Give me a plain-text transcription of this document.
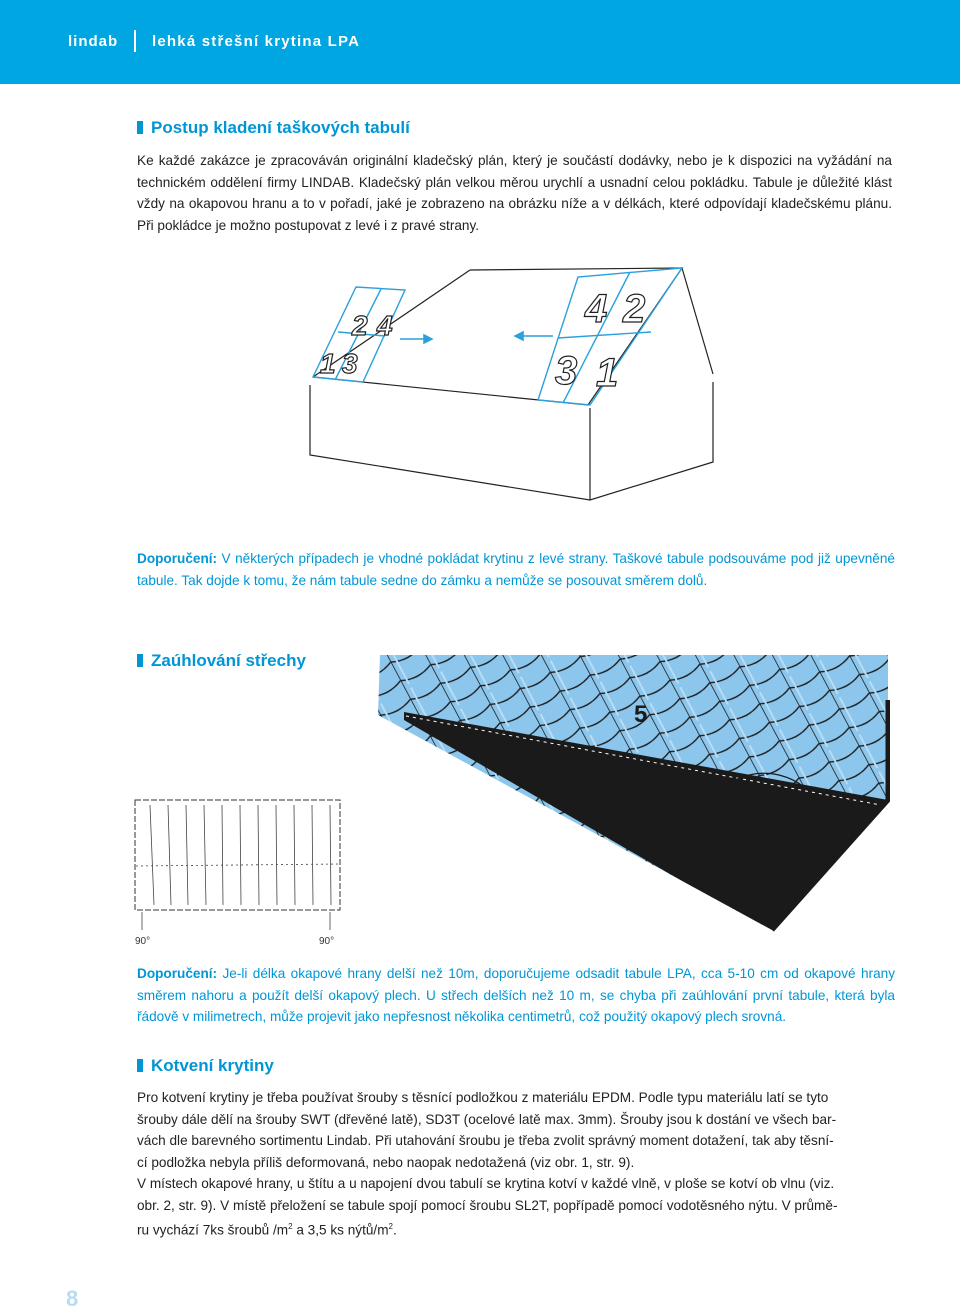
lindab lehká střešní krytina LPA
Postup kladení taškových tabulí
Ke každé zakázce je zpracováván originální kladečský plán, který je součástí dodávky, nebo je k dispozici na vyžádání na technickém oddělení firmy LINDAB. Kladečský plán velkou měrou urychlí a usnadní celou pokládku. Tabule je důležité klást vždy na okapovou hranu a to v pořadí, jaké je zobrazeno na obrázku níže a v délkách, které odpovídají kladečskému plánu. Při pokládce je možno postupovat z levé i z pravé strany.
2 4
1 3
4 2
3 1
Doporučení: V některých případech je vhodné pokládat krytinu z levé strany. Taškové tabule podsouváme pod již upevněné tabule. Tak dojde k tomu, že nám tabule sedne do zámku a nemůže se posouvat směrem dolů.
Zaúhlování střechy
90°	90°
5
4	3
90°
Doporučení: Je-li délka okapové hrany delší než 10m, doporučujeme odsadit tabule LPA, cca 5-10 cm od okapové hrany směrem nahoru a použít delší okapový plech. U střech delších než 10 m, se chyba při zaúhlování první tabule, která byla řádově v milimetrech, může projevit jako nepřesnost několika centimetrů, což použitý okapový plech srovná.
Kotvení krytiny
Pro kotvení krytiny je třeba používat šrouby s těsnící podložkou z materiálu EPDM. Podle typu materiálu latí se tyto
šrouby dále dělí na šrouby SWT (dřevěné latě), SD3T (ocelové latě max. 3mm). Šrouby jsou k dostání ve všech bar-
vách dle barevného sortimentu Lindab. Při utahování šroubu je třeba zvolit správný moment dotažení, tak aby těsní-
cí podložka nebyla příliš deformovaná, nebo naopak nedotažená (viz obr. 1, str. 9).
V místech okapové hrany, u štítu a u napojení dvou tabulí se krytina kotví v každé vlně, v ploše se kotví ob vlnu (viz.
obr. 2, str. 9). V místě přeložení se tabule spojí pomocí šroubu SL2T, popřípadě pomocí vodotěsného nýtu. V průmě-
ru vychází 7ks šroubů $/m^2$ a 3,5 ks nýtů/$m^2$.
8
